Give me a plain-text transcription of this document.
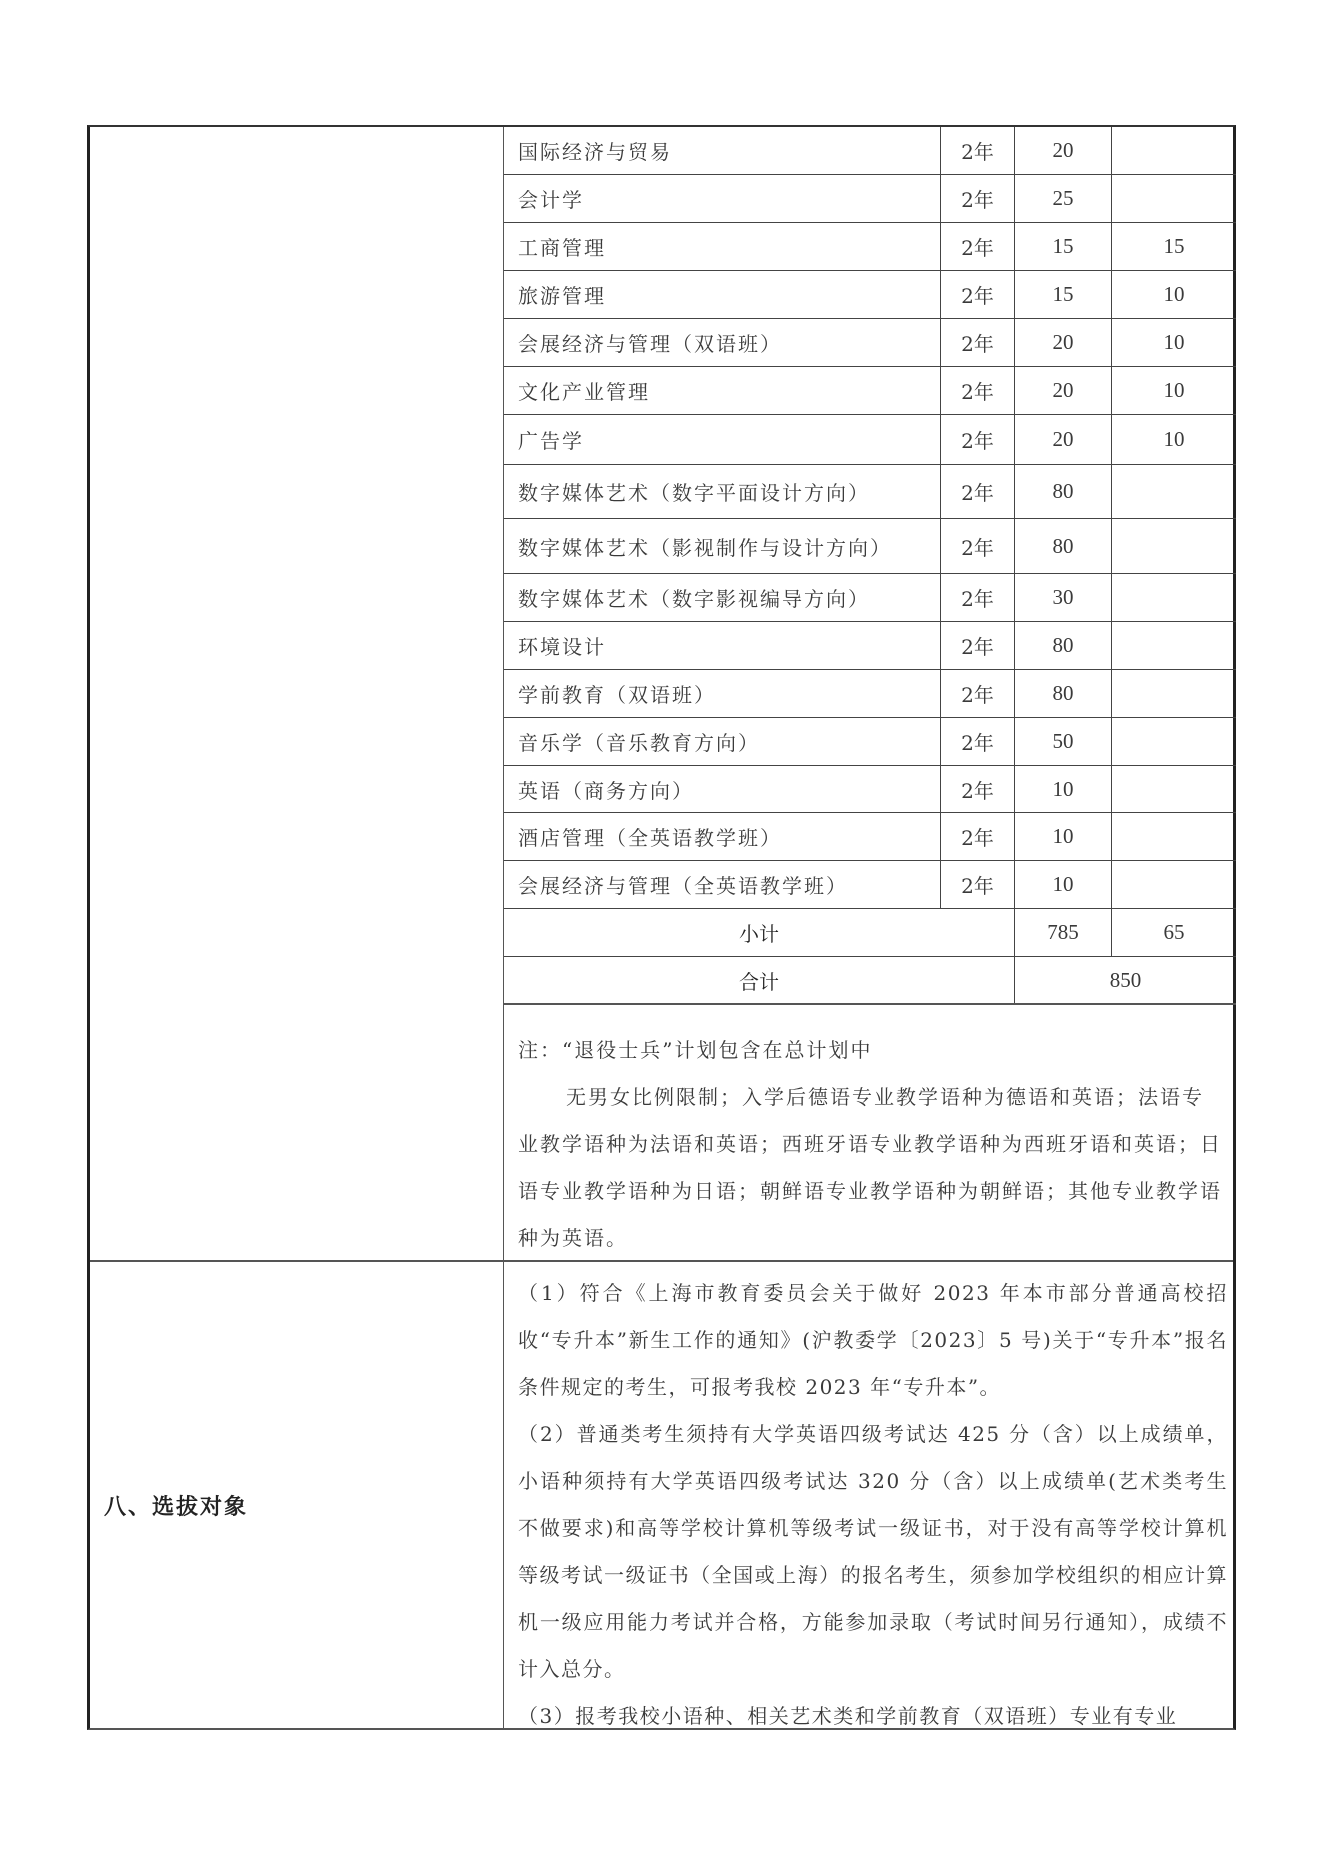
国际经济与贸易	2年	20
会计学	2年	25
工商管理	2年	15	15
旅游管理	2年	15	10
会展经济与管理（双语班）	2年	20	10
文化产业管理	2年	20	10
广告学	2年	20	10
数字媒体艺术（数字平面设计方向）	2年	80
数字媒体艺术（影视制作与设计方向）	2年	80
数字媒体艺术（数字影视编导方向）	2年	30
环境设计	2年	80
学前教育（双语班）	2年	80
音乐学（音乐教育方向）	2年	50
英语（商务方向）	2年	10
酒店管理（全英语教学班）	2年	10
会展经济与管理（全英语教学班）	2年	10
小计	785	65
合计	850

注：“退役士兵”计划包含在总计划中

无男女比例限制；入学后德语专业教学语种为德语和英语；法语专业教学语种为法语和英语；西班牙语专业教学语种为西班牙语和英语；日语专业教学语种为日语；朝鲜语专业教学语种为朝鲜语；其他专业教学语种为英语。

（1）符合《上海市教育委员会关于做好 2023 年本市部分普通高校招收“专升本”新生工作的通知》(沪教委学〔2023〕5 号)关于“专升本”报名条件规定的考生，可报考我校 2023 年“专升本”。

（2）普通类考生须持有大学英语四级考试达 425 分（含）以上成绩单，小语种须持有大学英语四级考试达 320 分（含）以上成绩单(艺术类考生不做要求)和高等学校计算机等级考试一级证书，对于没有高等学校计算机等级考试一级证书（全国或上海）的报名考生，须参加学校组织的相应计算机一级应用能力考试并合格，方能参加录取（考试时间另行通知），成绩不计入总分。

（3）报考我校小语种、相关艺术类和学前教育（双语班）专业有专业

八、选拔对象
